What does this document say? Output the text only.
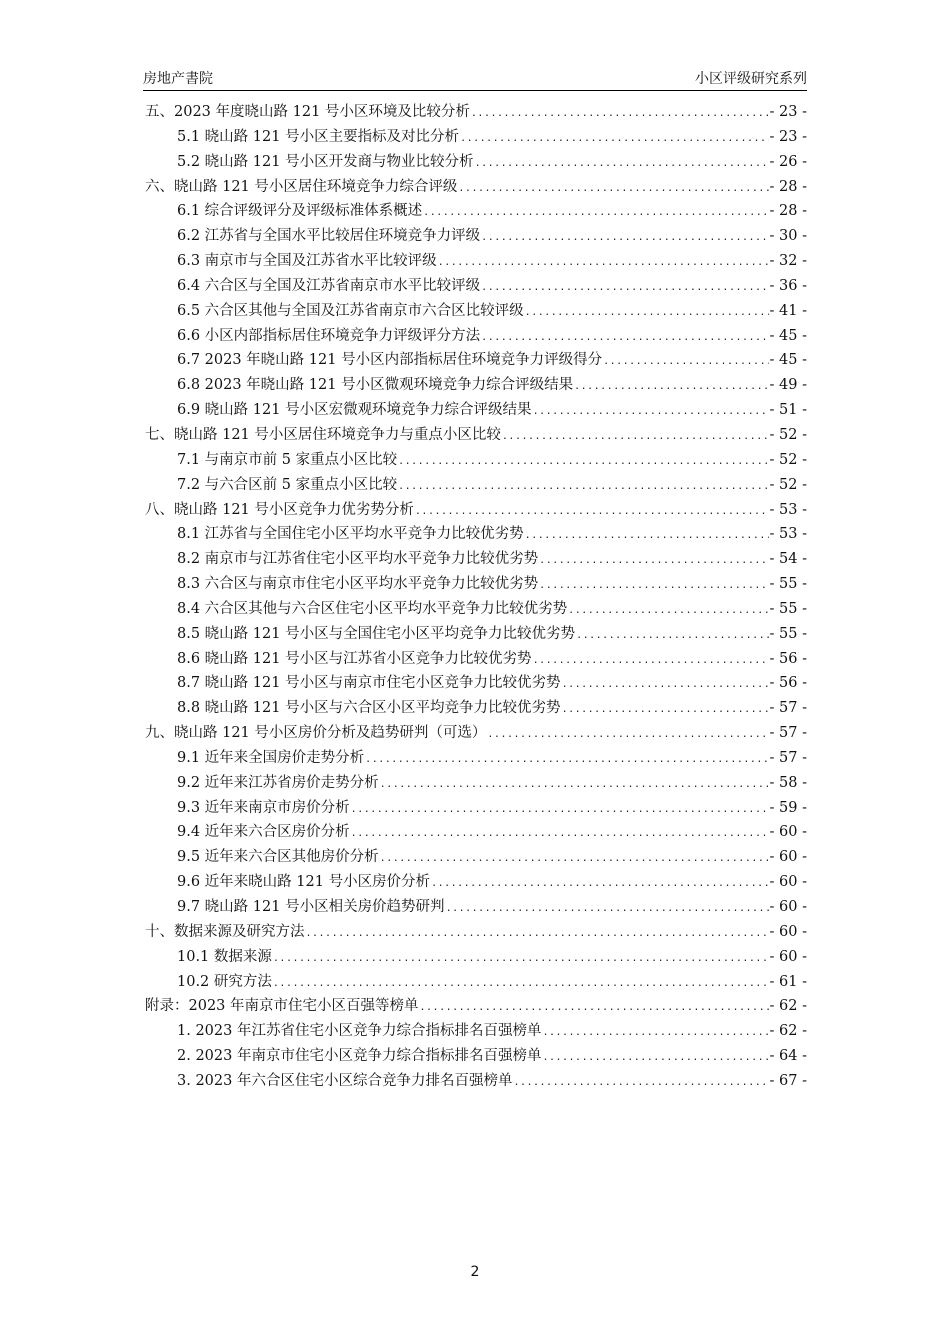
房地产書院	小区评级研究系列
五、2023 年度晓山路 121 号小区环境及比较分析 .....	- 23 -
5.1 晓山路 121 号小区主要指标及对比分析 .....	- 23 -
5.2 晓山路 121 号小区开发商与物业比较分析 .....	- 26 -
六、晓山路 121 号小区居住环境竞争力综合评级 .....	- 28 -
6.1 综合评级评分及评级标准体系概述 .....	- 28 -
6.2 江苏省与全国水平比较居住环境竞争力评级 .....	- 30 -
6.3 南京市与全国及江苏省水平比较评级 .....	- 32 -
6.4 六合区与全国及江苏省南京市水平比较评级 .....	- 36 -
6.5 六合区其他与全国及江苏省南京市六合区比较评级 .....	- 41 -
6.6 小区内部指标居住环境竞争力评级评分方法 .....	- 45 -
6.7 2023 年晓山路 121 号小区内部指标居住环境竞争力评级得分 .....	- 45 -
6.8 2023 年晓山路 121 号小区微观环境竞争力综合评级结果 .....	- 49 -
6.9 晓山路 121 号小区宏微观环境竞争力综合评级结果 .....	- 51 -
七、晓山路 121 号小区居住环境竞争力与重点小区比较 .....	- 52 -
7.1 与南京市前 5 家重点小区比较 .....	- 52 -
7.2 与六合区前 5 家重点小区比较 .....	- 52 -
八、晓山路 121 号小区竞争力优劣势分析 .....	- 53 -
8.1 江苏省与全国住宅小区平均水平竞争力比较优劣势 .....	- 53 -
8.2 南京市与江苏省住宅小区平均水平竞争力比较优劣势 .....	- 54 -
8.3 六合区与南京市住宅小区平均水平竞争力比较优劣势 .....	- 55 -
8.4 六合区其他与六合区住宅小区平均水平竞争力比较优劣势 .....	- 55 -
8.5 晓山路 121 号小区与全国住宅小区平均竞争力比较优劣势 .....	- 55 -
8.6 晓山路 121 号小区与江苏省小区竞争力比较优劣势 .....	- 56 -
8.7 晓山路 121 号小区与南京市住宅小区竞争力比较优劣势 .....	- 56 -
8.8 晓山路 121 号小区与六合区小区平均竞争力比较优劣势 .....	- 57 -
九、晓山路 121 号小区房价分析及趋势研判（可选） .....	- 57 -
9.1 近年来全国房价走势分析 .....	- 57 -
9.2 近年来江苏省房价走势分析 .....	- 58 -
9.3 近年来南京市房价分析 .....	- 59 -
9.4 近年来六合区房价分析 .....	- 60 -
9.5 近年来六合区其他房价分析 .....	- 60 -
9.6 近年来晓山路 121 号小区房价分析 .....	- 60 -
9.7 晓山路 121 号小区相关房价趋势研判 .....	- 60 -
十、数据来源及研究方法 .....	- 60 -
10.1 数据来源 .....	- 60 -
10.2 研究方法 .....	- 61 -
附录：2023 年南京市住宅小区百强等榜单 .....	- 62 -
1. 2023 年江苏省住宅小区竞争力综合指标排名百强榜单 .....	- 62 -
2. 2023 年南京市住宅小区竞争力综合指标排名百强榜单 .....	- 64 -
3. 2023 年六合区住宅小区综合竞争力排名百强榜单 .....	- 67 -
2
